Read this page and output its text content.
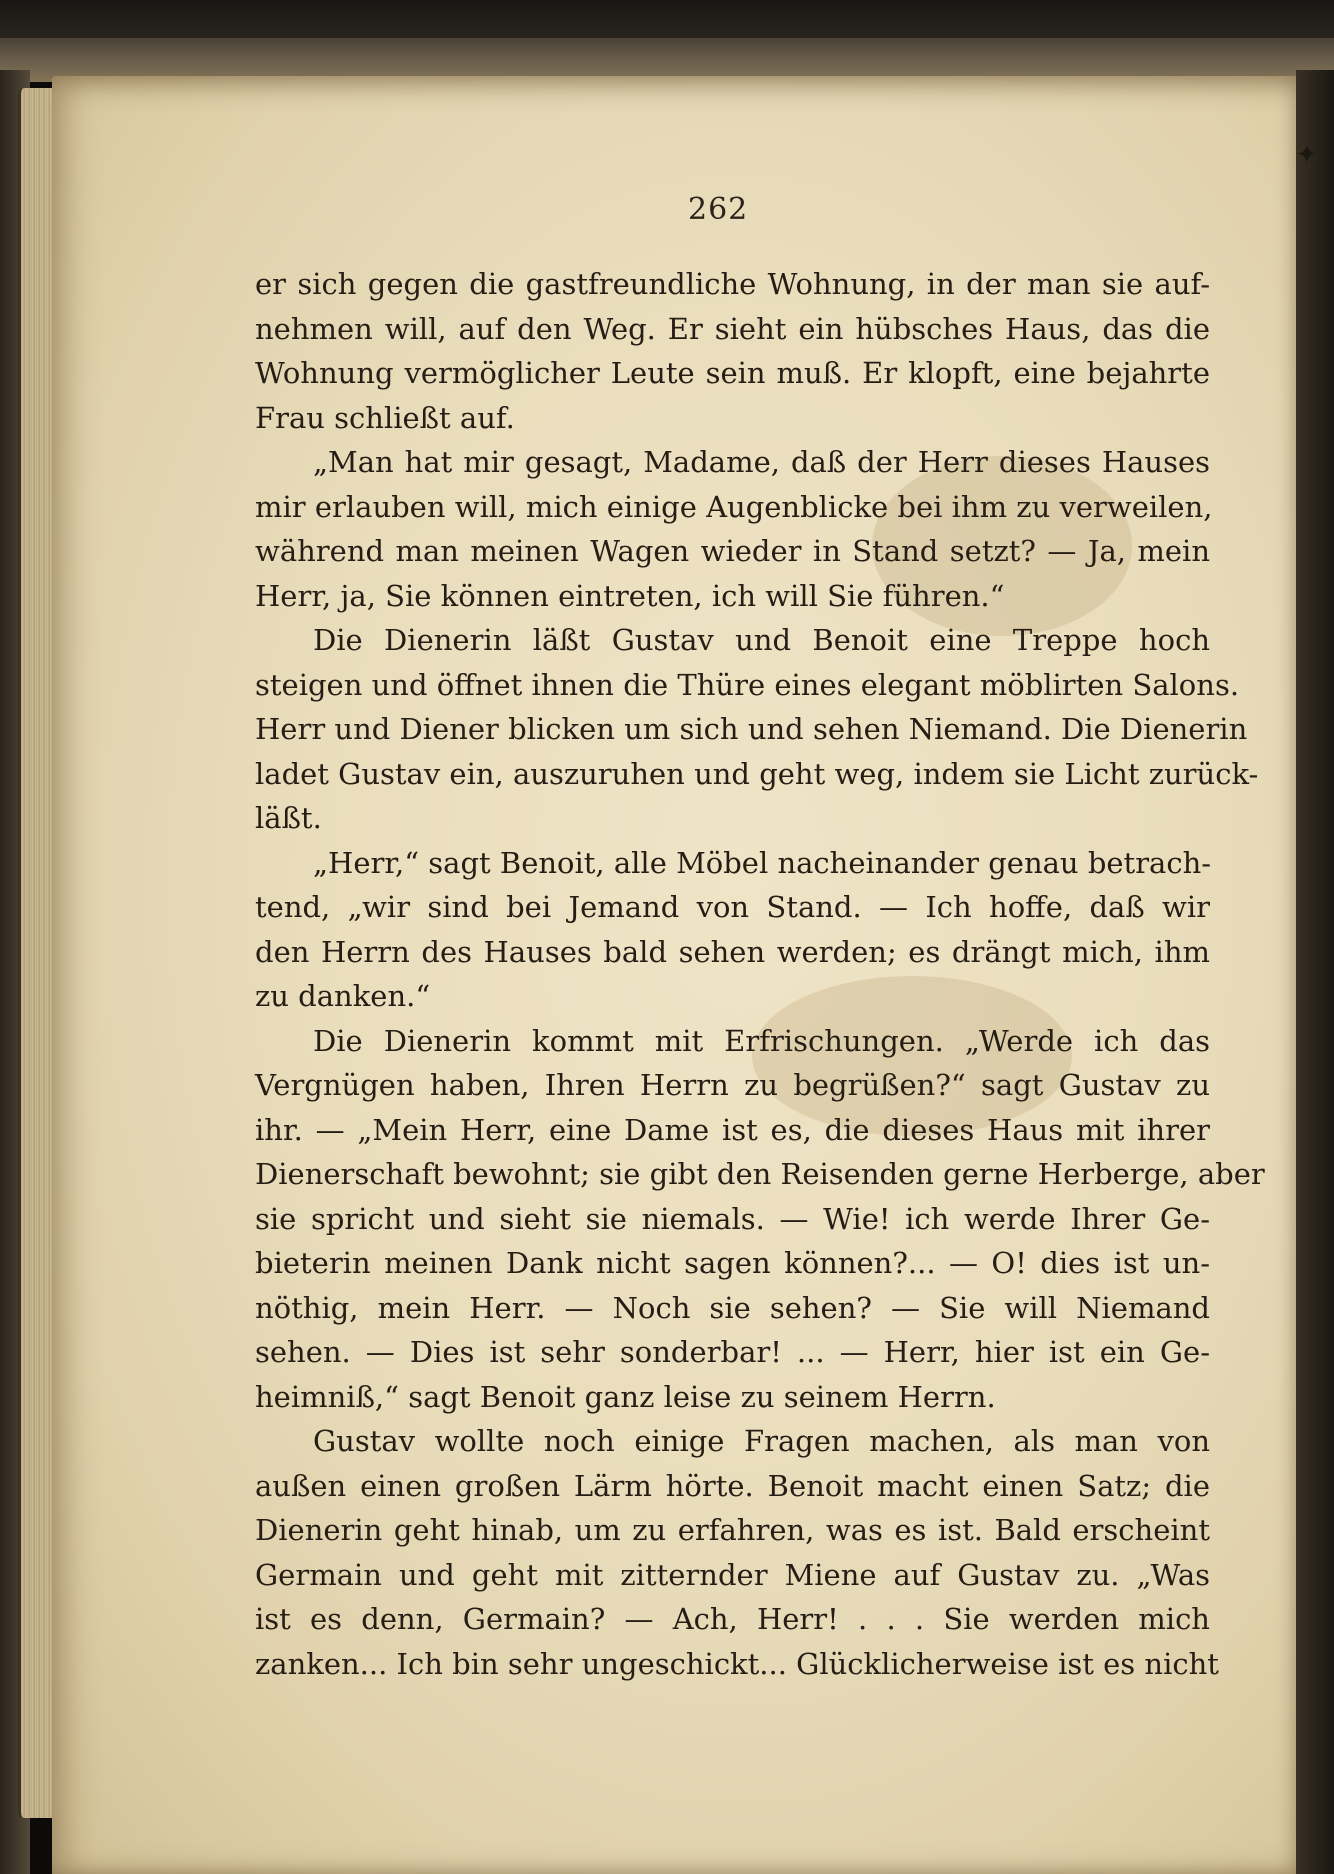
262
er sich gegen die gastfreundliche Wohnung, in der man sie auf-
nehmen will, auf den Weg. Er sieht ein hübsches Haus, das die
Wohnung vermöglicher Leute sein muß. Er klopft, eine bejahrte
Frau schließt auf.
„Man hat mir gesagt, Madame, daß der Herr dieses Hauses
mir erlauben will, mich einige Augenblicke bei ihm zu verweilen,
während man meinen Wagen wieder in Stand setzt? — Ja, mein
Herr, ja, Sie können eintreten, ich will Sie führen.“
Die Dienerin läßt Gustav und Benoit eine Treppe hoch
steigen und öffnet ihnen die Thüre eines elegant möblirten Salons.
Herr und Diener blicken um sich und sehen Niemand. Die Dienerin
ladet Gustav ein, auszuruhen und geht weg, indem sie Licht zurück-
läßt.
„Herr,“ sagt Benoit, alle Möbel nacheinander genau betrach-
tend, „wir sind bei Jemand von Stand. — Ich hoffe, daß wir
den Herrn des Hauses bald sehen werden; es drängt mich, ihm
zu danken.“
Die Dienerin kommt mit Erfrischungen. „Werde ich das
Vergnügen haben, Ihren Herrn zu begrüßen?“ sagt Gustav zu
ihr. — „Mein Herr, eine Dame ist es, die dieses Haus mit ihrer
Dienerschaft bewohnt; sie gibt den Reisenden gerne Herberge, aber
sie spricht und sieht sie niemals. — Wie! ich werde Ihrer Ge-
bieterin meinen Dank nicht sagen können?... — O! dies ist un-
nöthig, mein Herr. — Noch sie sehen? — Sie will Niemand
sehen. — Dies ist sehr sonderbar! ... — Herr, hier ist ein Ge-
heimniß,“ sagt Benoit ganz leise zu seinem Herrn.
Gustav wollte noch einige Fragen machen, als man von
außen einen großen Lärm hörte. Benoit macht einen Satz; die
Dienerin geht hinab, um zu erfahren, was es ist. Bald erscheint
Germain und geht mit zitternder Miene auf Gustav zu. „Was
ist es denn, Germain? — Ach, Herr! . . . Sie werden mich
zanken... Ich bin sehr ungeschickt... Glücklicherweise ist es nicht
✦
